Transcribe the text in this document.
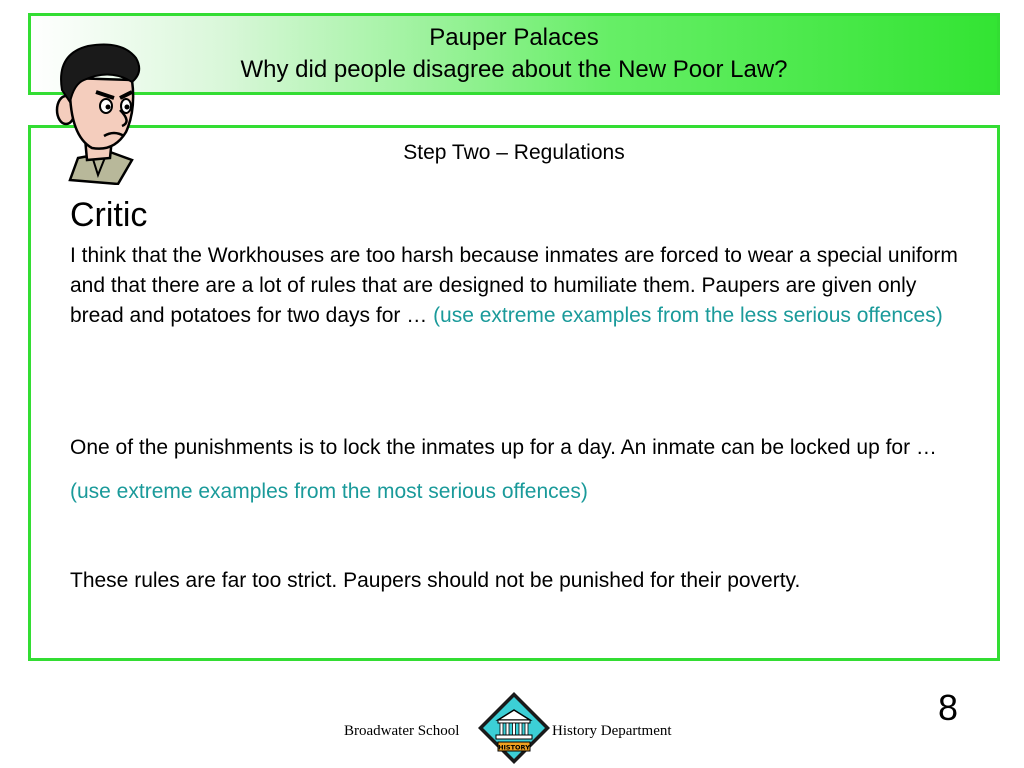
Pauper Palaces
Why did people disagree about the New Poor Law?
Step Two – Regulations
Critic
I think that the Workhouses are too harsh because inmates are forced to wear a special uniform and that there are a lot of rules that are designed to humiliate them. Paupers are given only bread and potatoes for two days for … (use extreme examples from the less serious offences)
One of the punishments is to lock the inmates up for a day. An inmate can be locked up for … (use extreme examples from the most serious offences)
These rules are far too strict. Paupers should not be punished for their poverty.
8
Broadwater School
HISTORY
History Department
